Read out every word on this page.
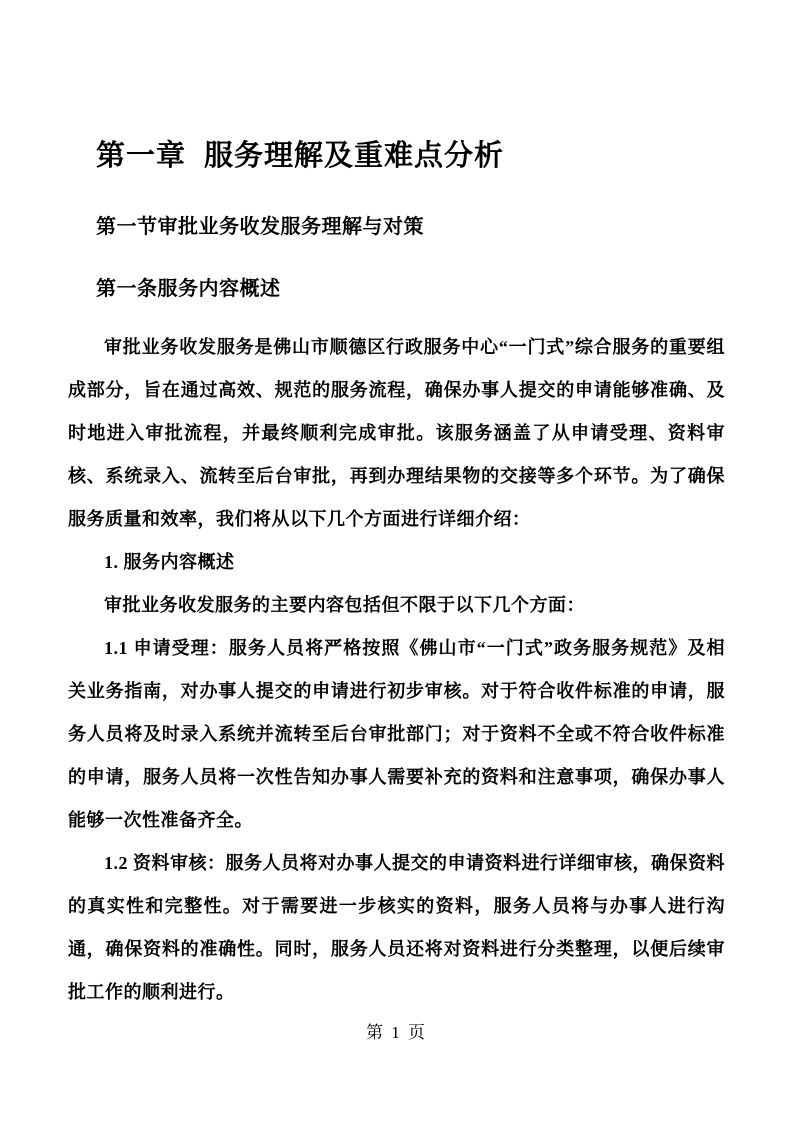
第一章 服务理解及重难点分析
第一节审批业务收发服务理解与对策
第一条服务内容概述

审批业务收发服务是佛山市顺德区行政服务中心“一门式”综合服务的重要组成部分，旨在通过高效、规范的服务流程，确保办事人提交的申请能够准确、及时地进入审批流程，并最终顺利完成审批。该服务涵盖了从申请受理、资料审核、系统录入、流转至后台审批，再到办理结果物的交接等多个环节。为了确保服务质量和效率，我们将从以下几个方面进行详细介绍：

1. 服务内容概述

审批业务收发服务的主要内容包括但不限于以下几个方面：

1.1 申请受理：服务人员将严格按照《佛山市“一门式”政务服务规范》及相关业务指南，对办事人提交的申请进行初步审核。对于符合收件标准的申请，服务人员将及时录入系统并流转至后台审批部门；对于资料不全或不符合收件标准的申请，服务人员将一次性告知办事人需要补充的资料和注意事项，确保办事人能够一次性准备齐全。

1.2 资料审核：服务人员将对办事人提交的申请资料进行详细审核，确保资料的真实性和完整性。对于需要进一步核实的资料，服务人员将与办事人进行沟通，确保资料的准确性。同时，服务人员还将对资料进行分类整理，以便后续审批工作的顺利进行。

第 1 页
